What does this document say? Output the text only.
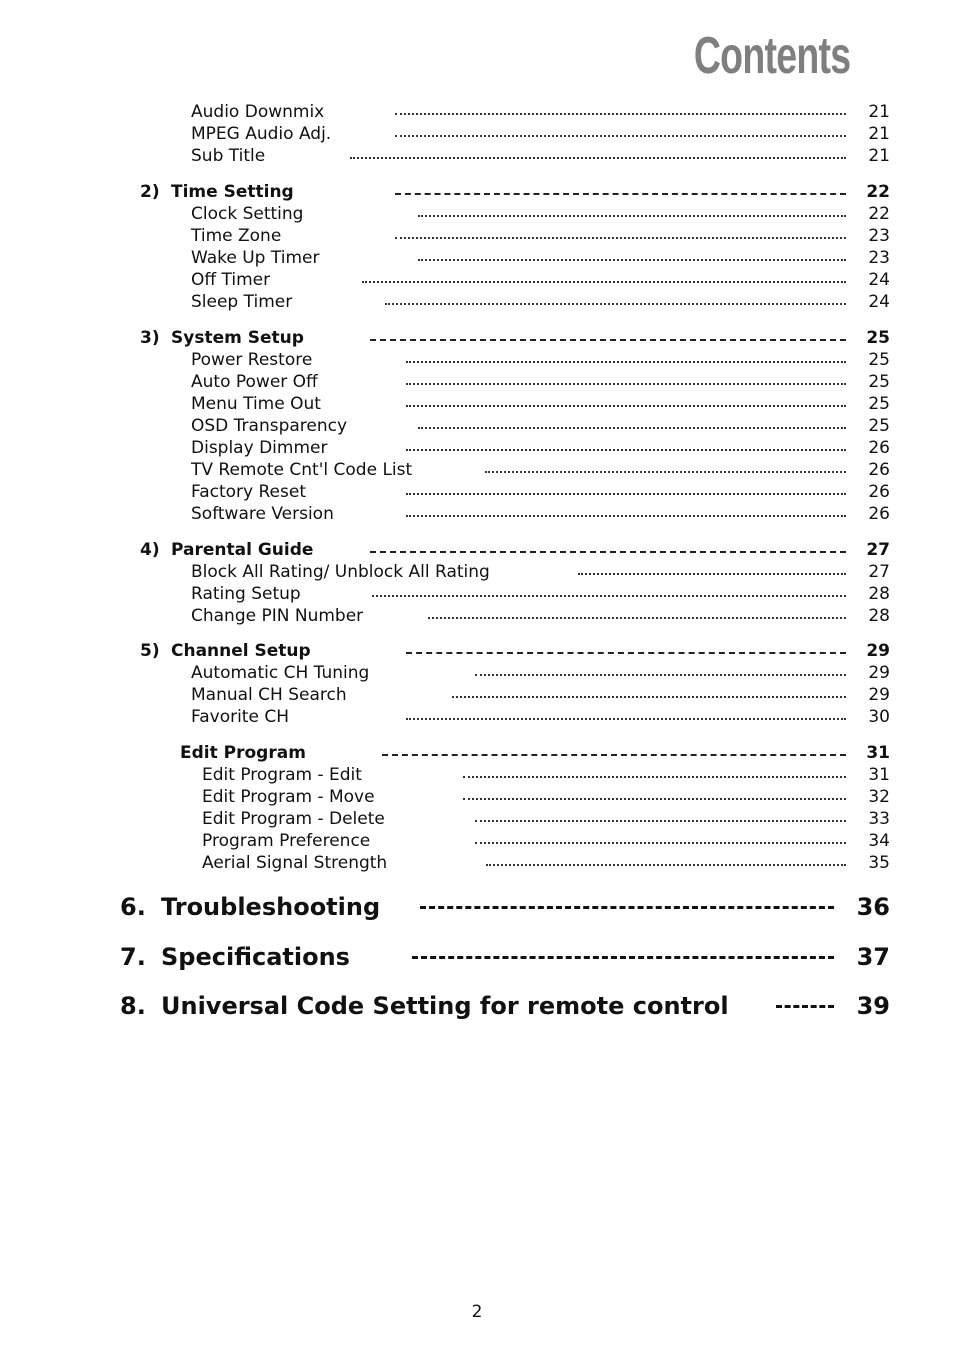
Contents
Audio Downmix	21
MPEG Audio Adj.	21
Sub Title	21
2) Time Setting	22
Clock Setting	22
Time Zone	23
Wake Up Timer	23
Off Timer	24
Sleep Timer	24
3) System Setup	25
Power Restore	25
Auto Power Off	25
Menu Time Out	25
OSD Transparency	25
Display Dimmer	26
TV Remote Cnt'l Code List	26
Factory Reset	26
Software Version	26
4) Parental Guide	27
Block All Rating/ Unblock All Rating	27
Rating Setup	28
Change PIN Number	28
5) Channel Setup	29
Automatic CH Tuning	29
Manual CH Search	29
Favorite CH	30
Edit Program	31
Edit Program - Edit	31
Edit Program - Move	32
Edit Program - Delete	33
Program Preference	34
Aerial Signal Strength	35
6. Troubleshooting	36
7. Specifications	37
8. Universal Code Setting for remote control	39
2
